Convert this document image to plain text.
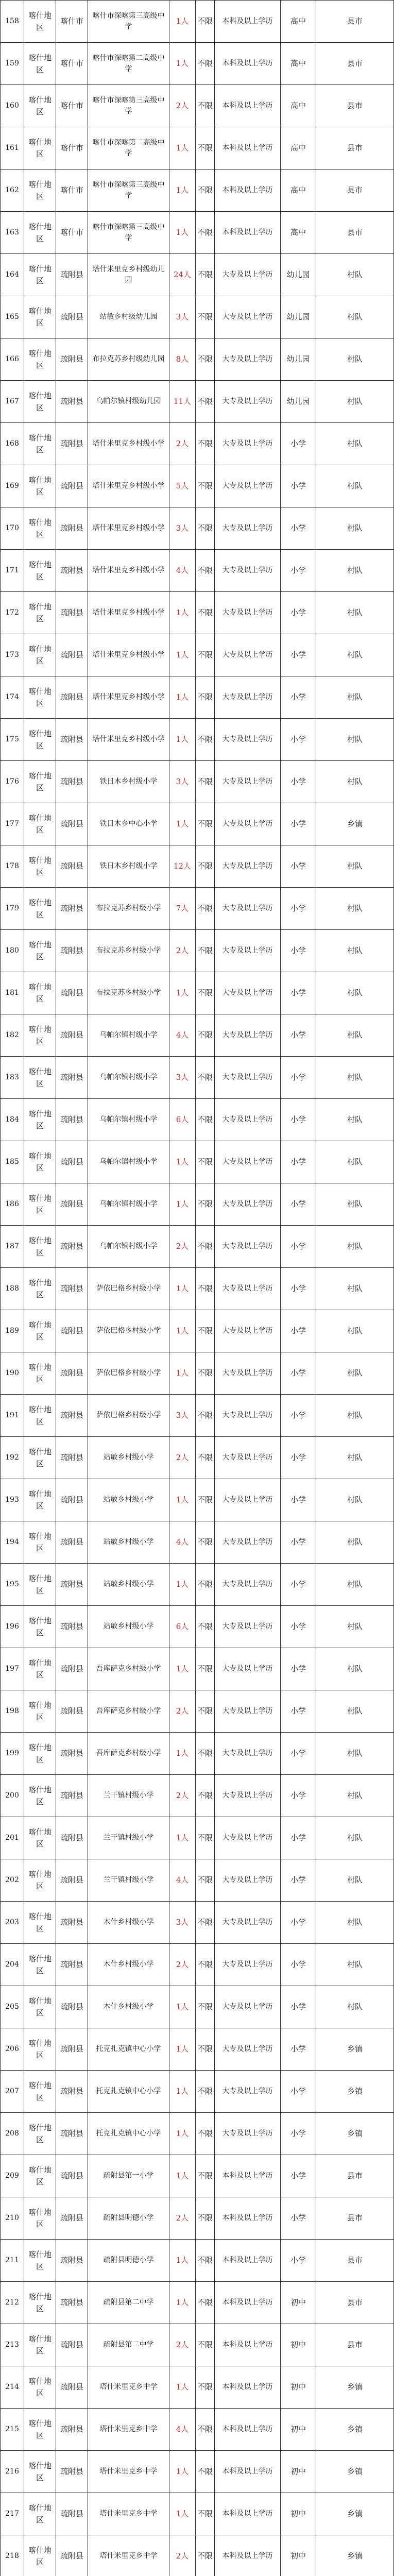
158	喀什地区	喀什市	喀什市深喀第三高级中学	1人	不限	本科及以上学历	高中	县市
159	喀什地区	喀什市	喀什市深喀第二高级中学	1人	不限	本科及以上学历	高中	县市
160	喀什地区	喀什市	喀什市深喀第三高级中学	2人	不限	本科及以上学历	高中	县市
161	喀什地区	喀什市	喀什市深喀第二高级中学	1人	不限	本科及以上学历	高中	县市
162	喀什地区	喀什市	喀什市深喀第三高级中学	1人	不限	本科及以上学历	高中	县市
163	喀什地区	喀什市	喀什市深喀第三高级中学	1人	不限	本科及以上学历	高中	县市
164	喀什地区	疏附县	塔什米里克乡村级幼儿园	24人	不限	大专及以上学历	幼儿园	村队
165	喀什地区	疏附县	站敏乡村级幼儿园	3人	不限	大专及以上学历	幼儿园	村队
166	喀什地区	疏附县	布拉克苏乡村级幼儿园	8人	不限	大专及以上学历	幼儿园	村队
167	喀什地区	疏附县	乌帕尔镇村级幼儿园	11人	不限	大专及以上学历	幼儿园	村队
168	喀什地区	疏附县	塔什米里克乡村级小学	2人	不限	大专及以上学历	小学	村队
169	喀什地区	疏附县	塔什米里克乡村级小学	5人	不限	大专及以上学历	小学	村队
170	喀什地区	疏附县	塔什米里克乡村级小学	3人	不限	大专及以上学历	小学	村队
171	喀什地区	疏附县	塔什米里克乡村级小学	4人	不限	大专及以上学历	小学	村队
172	喀什地区	疏附县	塔什米里克乡村级小学	1人	不限	大专及以上学历	小学	村队
173	喀什地区	疏附县	塔什米里克乡村级小学	1人	不限	大专及以上学历	小学	村队
174	喀什地区	疏附县	塔什米里克乡村级小学	1人	不限	大专及以上学历	小学	村队
175	喀什地区	疏附县	塔什米里克乡村级小学	1人	不限	大专及以上学历	小学	村队
176	喀什地区	疏附县	铁日木乡村级小学	3人	不限	大专及以上学历	小学	村队
177	喀什地区	疏附县	铁日木乡中心小学	1人	不限	大专及以上学历	小学	乡镇
178	喀什地区	疏附县	铁日木乡村级小学	12人	不限	大专及以上学历	小学	村队
179	喀什地区	疏附县	布拉克苏乡村级小学	7人	不限	大专及以上学历	小学	村队
180	喀什地区	疏附县	布拉克苏乡村级小学	2人	不限	大专及以上学历	小学	村队
181	喀什地区	疏附县	布拉克苏乡村级小学	1人	不限	大专及以上学历	小学	村队
182	喀什地区	疏附县	乌帕尔镇村级小学	4人	不限	大专及以上学历	小学	村队
183	喀什地区	疏附县	乌帕尔镇村级小学	3人	不限	大专及以上学历	小学	村队
184	喀什地区	疏附县	乌帕尔镇村级小学	6人	不限	大专及以上学历	小学	村队
185	喀什地区	疏附县	乌帕尔镇村级小学	1人	不限	大专及以上学历	小学	村队
186	喀什地区	疏附县	乌帕尔镇村级小学	1人	不限	大专及以上学历	小学	村队
187	喀什地区	疏附县	乌帕尔镇村级小学	2人	不限	大专及以上学历	小学	村队
188	喀什地区	疏附县	萨依巴格乡村级小学	1人	不限	大专及以上学历	小学	村队
189	喀什地区	疏附县	萨依巴格乡村级小学	1人	不限	大专及以上学历	小学	村队
190	喀什地区	疏附县	萨依巴格乡村级小学	1人	不限	大专及以上学历	小学	村队
191	喀什地区	疏附县	萨依巴格乡村级小学	3人	不限	大专及以上学历	小学	村队
192	喀什地区	疏附县	站敏乡村级小学	2人	不限	大专及以上学历	小学	村队
193	喀什地区	疏附县	站敏乡村级小学	1人	不限	大专及以上学历	小学	村队
194	喀什地区	疏附县	站敏乡村级小学	4人	不限	大专及以上学历	小学	村队
195	喀什地区	疏附县	站敏乡村级小学	1人	不限	大专及以上学历	小学	村队
196	喀什地区	疏附县	站敏乡村级小学	6人	不限	大专及以上学历	小学	村队
197	喀什地区	疏附县	吾库萨克乡村级小学	1人	不限	大专及以上学历	小学	村队
198	喀什地区	疏附县	吾库萨克乡村级小学	2人	不限	大专及以上学历	小学	村队
199	喀什地区	疏附县	吾库萨克乡村级小学	1人	不限	大专及以上学历	小学	村队
200	喀什地区	疏附县	兰干镇村级小学	2人	不限	大专及以上学历	小学	村队
201	喀什地区	疏附县	兰干镇村级小学	1人	不限	大专及以上学历	小学	村队
202	喀什地区	疏附县	兰干镇村级小学	4人	不限	大专及以上学历	小学	村队
203	喀什地区	疏附县	木什乡村级小学	3人	不限	大专及以上学历	小学	村队
204	喀什地区	疏附县	木什乡村级小学	2人	不限	大专及以上学历	小学	村队
205	喀什地区	疏附县	木什乡村级小学	1人	不限	大专及以上学历	小学	村队
206	喀什地区	疏附县	托克扎克镇中心小学	1人	不限	大专及以上学历	小学	乡镇
207	喀什地区	疏附县	托克扎克镇中心小学	1人	不限	大专及以上学历	小学	乡镇
208	喀什地区	疏附县	托克扎克镇中心小学	1人	不限	大专及以上学历	小学	乡镇
209	喀什地区	疏附县	疏附县第一小学	1人	不限	本科及以上学历	小学	县市
210	喀什地区	疏附县	疏附县明德小学	2人	不限	本科及以上学历	小学	县市
211	喀什地区	疏附县	疏附县明德小学	1人	不限	本科及以上学历	小学	县市
212	喀什地区	疏附县	疏附县第二中学	1人	不限	本科及以上学历	初中	县市
213	喀什地区	疏附县	疏附县第二中学	2人	不限	本科及以上学历	初中	县市
214	喀什地区	疏附县	塔什米里克乡中学	1人	不限	本科及以上学历	初中	乡镇
215	喀什地区	疏附县	塔什米里克乡中学	4人	不限	本科及以上学历	初中	乡镇
216	喀什地区	疏附县	塔什米里克乡中学	1人	不限	本科及以上学历	初中	乡镇
217	喀什地区	疏附县	塔什米里克乡中学	1人	不限	本科及以上学历	初中	乡镇
218	喀什地区	疏附县	塔什米里克乡中学	2人	不限	本科及以上学历	初中	乡镇
